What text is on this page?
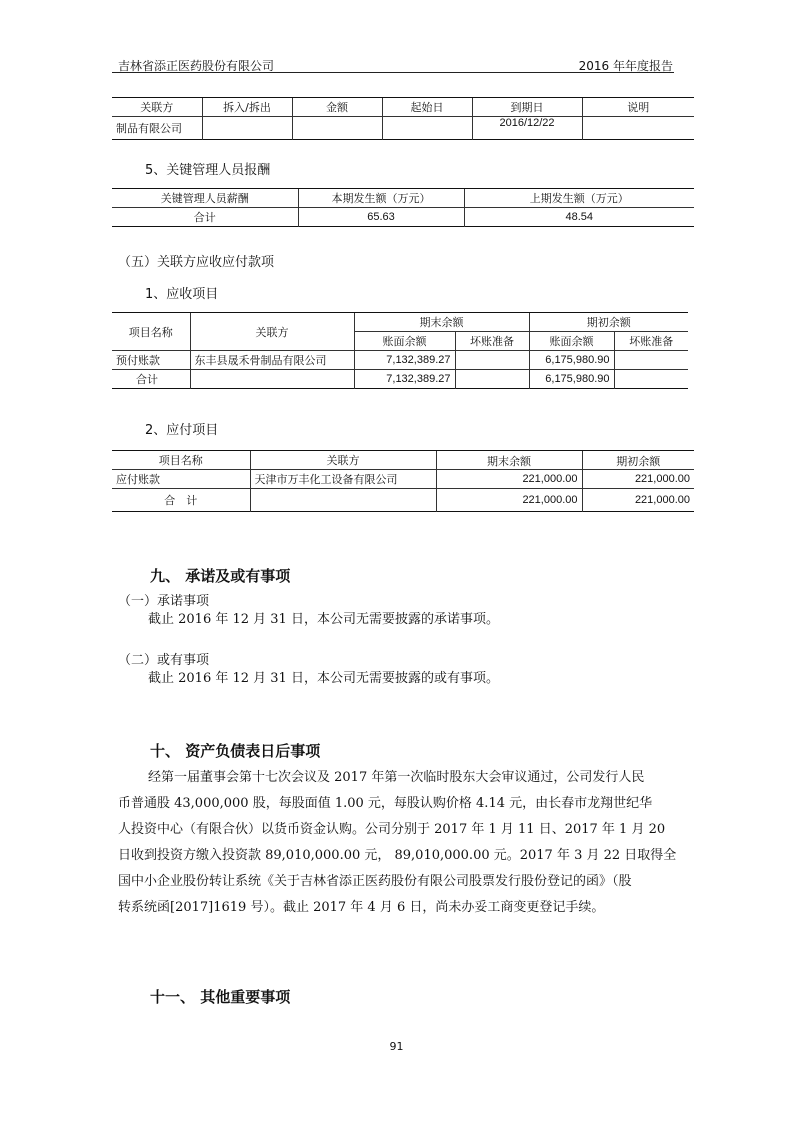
吉林省添正医药股份有限公司	2016 年年度报告
关联方	拆入/拆出	金额	起始日	到期日	说明
制品有限公司				2016/12/22	
5、关键管理人员报酬
关键管理人员薪酬	本期发生额（万元）	上期发生额（万元）
合计	65.63	48.54
（五）关联方应收应付款项
1、应收项目
项目名称	关联方	期末余额		期初余额	
		账面余额	坏账准备	账面余额	坏账准备
预付账款	东丰县晟禾骨制品有限公司	7,132,389.27		6,175,980.90	
合计		7,132,389.27		6,175,980.90	
2、应付项目
项目名称	关联方	期末余额	期初余额
应付账款	天津市万丰化工设备有限公司	221,000.00	221,000.00
合　计		221,000.00	221,000.00
九、 承诺及或有事项
（一）承诺事项
截止 2016 年 12 月 31 日，本公司无需要披露的承诺事项。
（二）或有事项
截止 2016 年 12 月 31 日，本公司无需要披露的或有事项。
十、 资产负债表日后事项
经第一届董事会第十七次会议及 2017 年第一次临时股东大会审议通过，公司发行人民
币普通股 43,000,000 股，每股面值 1.00 元，每股认购价格 4.14 元，由长春市龙翔世纪华
人投资中心（有限合伙）以货币资金认购。公司分别于 2017 年 1 月 11 日、2017 年 1 月 20
日收到投资方缴入投资款 89,010,000.00 元， 89,010,000.00 元。2017 年 3 月 22 日取得全
国中小企业股份转让系统《关于吉林省添正医药股份有限公司股票发行股份登记的函》（股
转系统函[2017]1619 号）。截止 2017 年 4 月 6 日，尚未办妥工商变更登记手续。
十一、 其他重要事项
91
